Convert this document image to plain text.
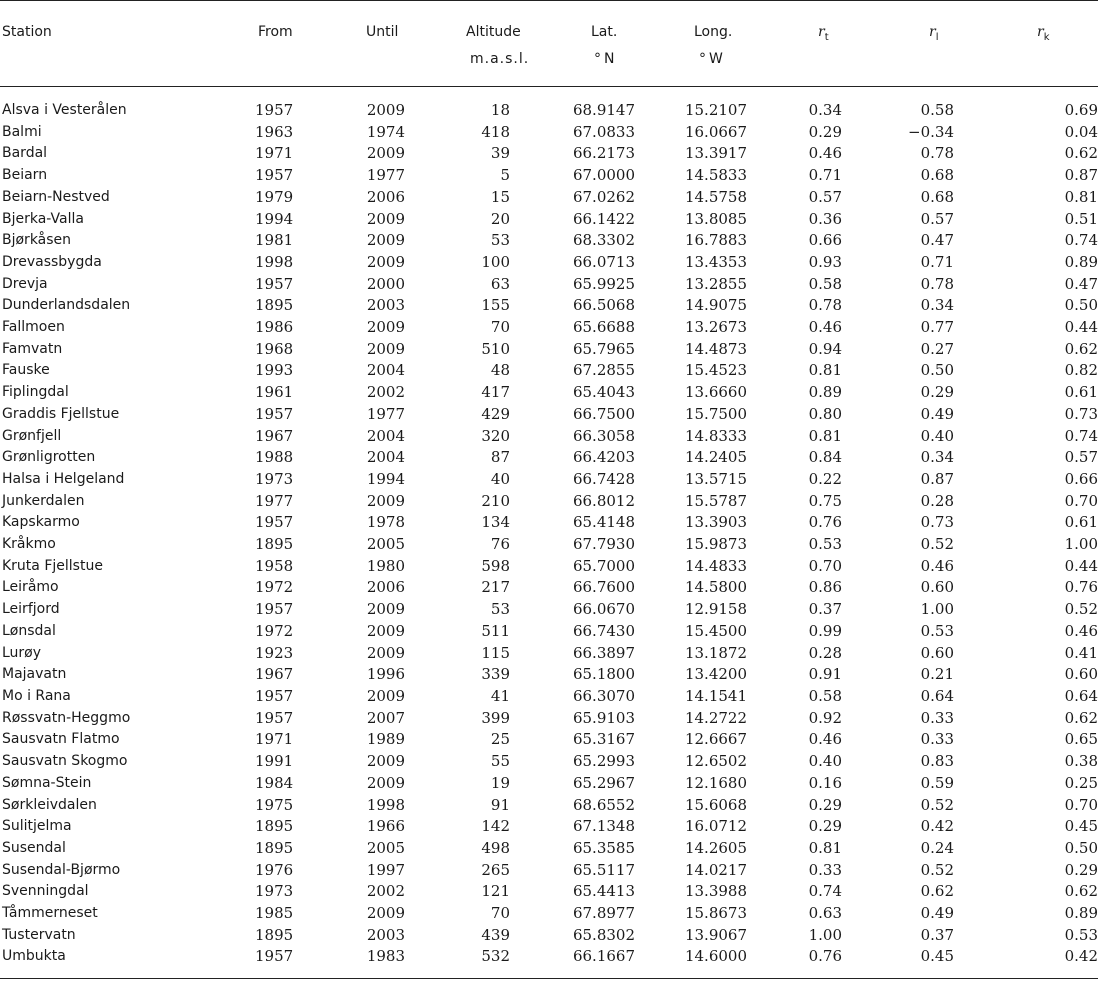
Station	From	Until	Altitude	Lat.	Long.	$r_t$	$r_l$	$r_k$
m.a.s.l.	°N	°W
Alsva i Vesterålen	1957	2009	18	68.9147	15.2107	0.34	0.58	0.69
Balmi	1963	1974	418	67.0833	16.0667	0.29	−0.34	0.04
Bardal	1971	2009	39	66.2173	13.3917	0.46	0.78	0.62
Beiarn	1957	1977	5	67.0000	14.5833	0.71	0.68	0.87
Beiarn-Nestved	1979	2006	15	67.0262	14.5758	0.57	0.68	0.81
Bjerka-Valla	1994	2009	20	66.1422	13.8085	0.36	0.57	0.51
Bjørkåsen	1981	2009	53	68.3302	16.7883	0.66	0.47	0.74
Drevassbygda	1998	2009	100	66.0713	13.4353	0.93	0.71	0.89
Drevja	1957	2000	63	65.9925	13.2855	0.58	0.78	0.47
Dunderlandsdalen	1895	2003	155	66.5068	14.9075	0.78	0.34	0.50
Fallmoen	1986	2009	70	65.6688	13.2673	0.46	0.77	0.44
Famvatn	1968	2009	510	65.7965	14.4873	0.94	0.27	0.62
Fauske	1993	2004	48	67.2855	15.4523	0.81	0.50	0.82
Fiplingdal	1961	2002	417	65.4043	13.6660	0.89	0.29	0.61
Graddis Fjellstue	1957	1977	429	66.7500	15.7500	0.80	0.49	0.73
Grønfjell	1967	2004	320	66.3058	14.8333	0.81	0.40	0.74
Grønligrotten	1988	2004	87	66.4203	14.2405	0.84	0.34	0.57
Halsa i Helgeland	1973	1994	40	66.7428	13.5715	0.22	0.87	0.66
Junkerdalen	1977	2009	210	66.8012	15.5787	0.75	0.28	0.70
Kapskarmo	1957	1978	134	65.4148	13.3903	0.76	0.73	0.61
Kråkmo	1895	2005	76	67.7930	15.9873	0.53	0.52	1.00
Kruta Fjellstue	1958	1980	598	65.7000	14.4833	0.70	0.46	0.44
Leiråmo	1972	2006	217	66.7600	14.5800	0.86	0.60	0.76
Leirfjord	1957	2009	53	66.0670	12.9158	0.37	1.00	0.52
Lønsdal	1972	2009	511	66.7430	15.4500	0.99	0.53	0.46
Lurøy	1923	2009	115	66.3897	13.1872	0.28	0.60	0.41
Majavatn	1967	1996	339	65.1800	13.4200	0.91	0.21	0.60
Mo i Rana	1957	2009	41	66.3070	14.1541	0.58	0.64	0.64
Røssvatn-Heggmo	1957	2007	399	65.9103	14.2722	0.92	0.33	0.62
Sausvatn Flatmo	1971	1989	25	65.3167	12.6667	0.46	0.33	0.65
Sausvatn Skogmo	1991	2009	55	65.2993	12.6502	0.40	0.83	0.38
Sømna-Stein	1984	2009	19	65.2967	12.1680	0.16	0.59	0.25
Sørkleivdalen	1975	1998	91	68.6552	15.6068	0.29	0.52	0.70
Sulitjelma	1895	1966	142	67.1348	16.0712	0.29	0.42	0.45
Susendal	1895	2005	498	65.3585	14.2605	0.81	0.24	0.50
Susendal-Bjørmo	1976	1997	265	65.5117	14.0217	0.33	0.52	0.29
Svenningdal	1973	2002	121	65.4413	13.3988	0.74	0.62	0.62
Tåmmerneset	1985	2009	70	67.8977	15.8673	0.63	0.49	0.89
Tustervatn	1895	2003	439	65.8302	13.9067	1.00	0.37	0.53
Umbukta	1957	1983	532	66.1667	14.6000	0.76	0.45	0.42
